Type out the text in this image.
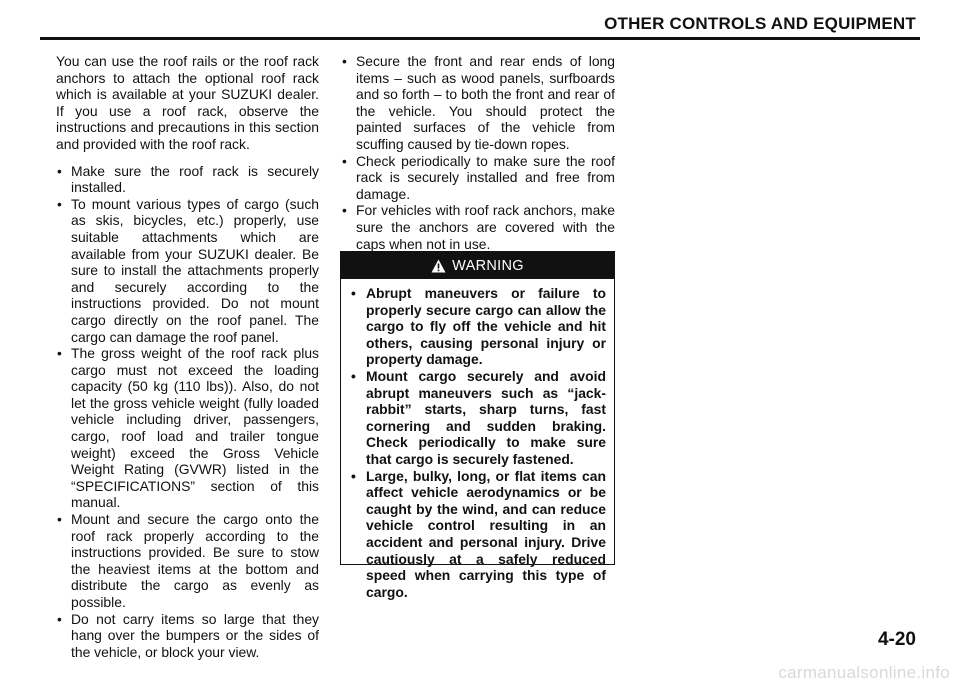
OTHER CONTROLS AND EQUIPMENT

You can use the roof rails or the roof rack anchors to attach the optional roof rack which is available at your SUZUKI dealer. If you use a roof rack, observe the instructions and precautions in this section and provided with the roof rack.

• Make sure the roof rack is securely installed.
• To mount various types of cargo (such as skis, bicycles, etc.) properly, use suitable attachments which are available from your SUZUKI dealer. Be sure to install the attachments properly and securely according to the instructions provided. Do not mount cargo directly on the roof panel. The cargo can damage the roof panel.
• The gross weight of the roof rack plus cargo must not exceed the loading capacity (50 kg (110 lbs)). Also, do not let the gross vehicle weight (fully loaded vehicle including driver, passengers, cargo, roof load and trailer tongue weight) exceed the Gross Vehicle Weight Rating (GVWR) listed in the “SPECIFICATIONS” section of this manual.
• Mount and secure the cargo onto the roof rack properly according to the instructions provided. Be sure to stow the heaviest items at the bottom and distribute the cargo as evenly as possible.
• Do not carry items so large that they hang over the bumpers or the sides of the vehicle, or block your view.
• Secure the front and rear ends of long items – such as wood panels, surfboards and so forth – to both the front and rear of the vehicle. You should protect the painted surfaces of the vehicle from scuffing caused by tie-down ropes.
• Check periodically to make sure the roof rack is securely installed and free from damage.
• For vehicles with roof rack anchors, make sure the anchors are covered with the caps when not in use.
WARNING
• Abrupt maneuvers or failure to properly secure cargo can allow the cargo to fly off the vehicle and hit others, causing personal injury or property damage.
• Mount cargo securely and avoid abrupt maneuvers such as “jack-rabbit” starts, sharp turns, fast cornering and sudden braking. Check periodically to make sure that cargo is securely fastened.
• Large, bulky, long, or flat items can affect vehicle aerodynamics or be caught by the wind, and can reduce vehicle control resulting in an accident and personal injury. Drive cautiously at a safely reduced speed when carrying this type of cargo.
4-20
carmanualsonline.info
